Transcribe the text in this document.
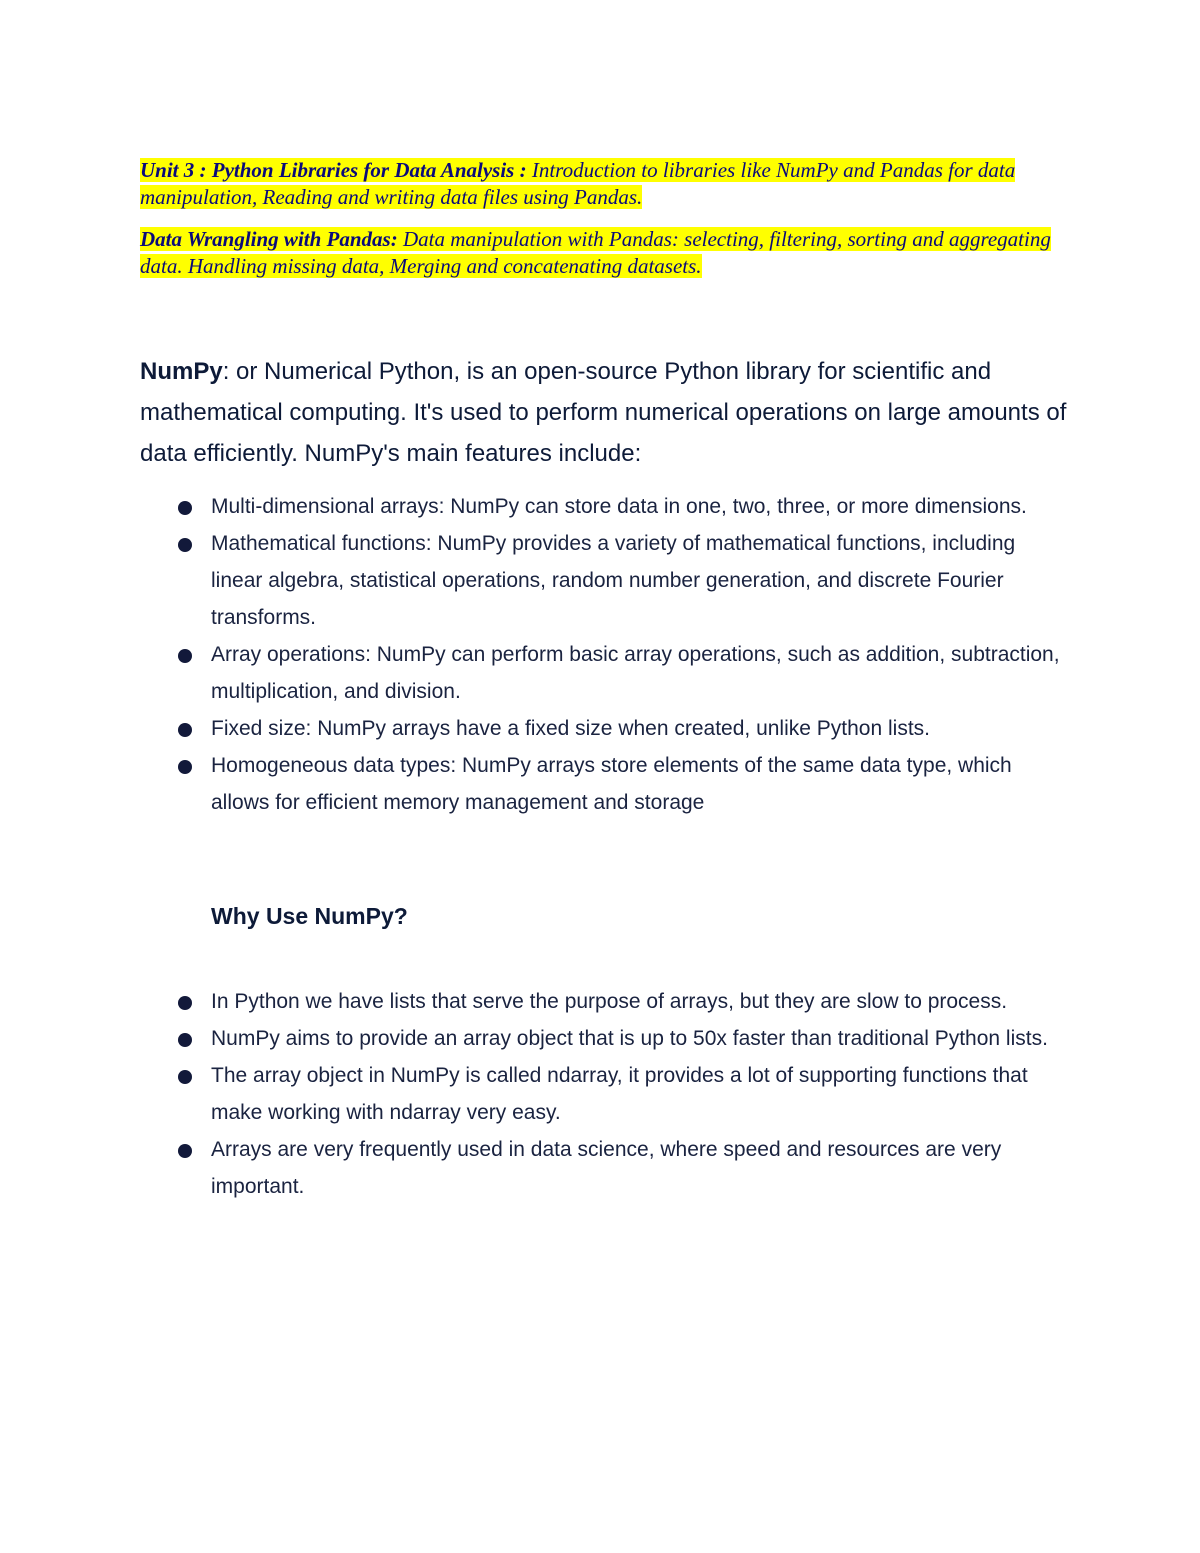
Unit 3 : Python Libraries for Data Analysis : Introduction to libraries like NumPy and Pandas for data manipulation, Reading and writing data files using Pandas.
Data Wrangling with Pandas: Data manipulation with Pandas: selecting, filtering, sorting and aggregating data. Handling missing data, Merging and concatenating datasets.
NumPy: or Numerical Python, is an open-source Python library for scientific and mathematical computing. It's used to perform numerical operations on large amounts of data efficiently. NumPy's main features include:
Multi-dimensional arrays: NumPy can store data in one, two, three, or more dimensions.
Mathematical functions: NumPy provides a variety of mathematical functions, including linear algebra, statistical operations, random number generation, and discrete Fourier transforms.
Array operations: NumPy can perform basic array operations, such as addition, subtraction, multiplication, and division.
Fixed size: NumPy arrays have a fixed size when created, unlike Python lists.
Homogeneous data types: NumPy arrays store elements of the same data type, which allows for efficient memory management and storage
Why Use NumPy?
In Python we have lists that serve the purpose of arrays, but they are slow to process.
NumPy aims to provide an array object that is up to 50x faster than traditional Python lists.
The array object in NumPy is called ndarray, it provides a lot of supporting functions that make working with ndarray very easy.
Arrays are very frequently used in data science, where speed and resources are very important.
